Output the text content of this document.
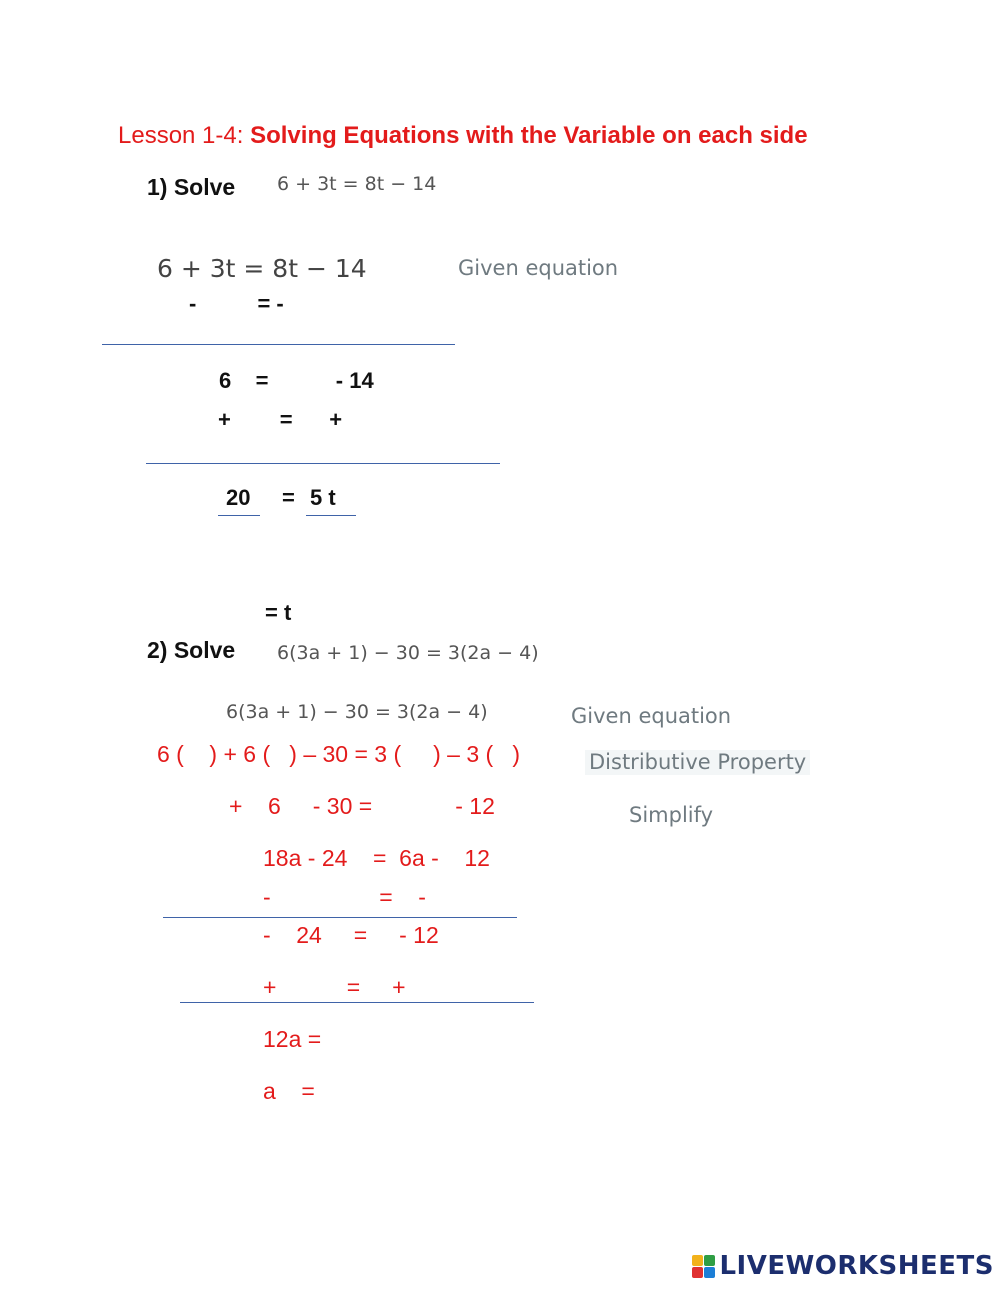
Lesson 1-4: Solving Equations with the Variable on each side
1) Solve 6 + 3t = 8t − 14
6 + 3t = 8t − 14	Given equation
-          = -
6    =           - 14
+        =      +
20 = 5 t
= t
2) Solve 6(3a + 1) − 30 = 3(2a − 4)
6(3a + 1) − 30 = 3(2a − 4)	Given equation
6 (    ) + 6 (   ) – 30 = 3 (     ) – 3 (   )	Distributive Property
+    6     - 30 =             - 12	Simplify
18a - 24    =  6a -    12
-                 =    -
-    24     =     - 12
+           =     +
12a =
a    =
LIVEWORKSHEETS
